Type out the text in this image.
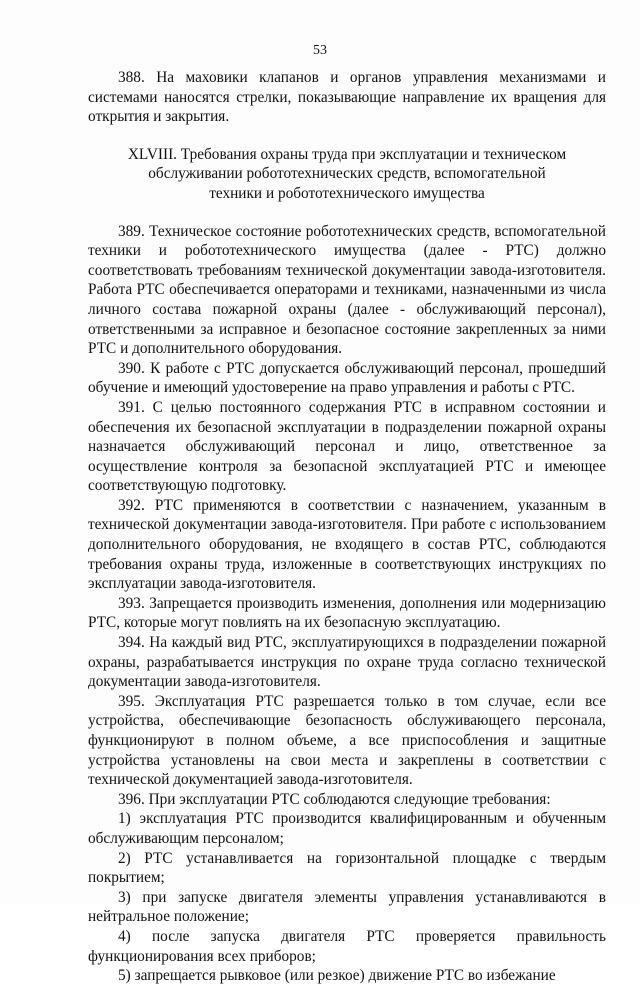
53

388. На маховики клапанов и органов управления механизмами и системами наносятся стрелки, показывающие направление их вращения для открытия и закрытия.

XLVIII. Требования охраны труда при эксплуатации и техническом
обслуживании робототехнических средств, вспомогательной
техники и робототехнического имущества

389. Техническое состояние робототехнических средств, вспомогательной техники и робототехнического имущества (далее - РТС) должно соответствовать требованиям технической документации завода-изготовителя. Работа РТС обеспечивается операторами и техниками, назначенными из числа личного состава пожарной охраны (далее - обслуживающий персонал), ответственными за исправное и безопасное состояние закрепленных за ними РТС и дополнительного оборудования.

390. К работе с РТС допускается обслуживающий персонал, прошедший обучение и имеющий удостоверение на право управления и работы с РТС.

391. С целью постоянного содержания РТС в исправном состоянии и обеспечения их безопасной эксплуатации в подразделении пожарной охраны назначается обслуживающий персонал и лицо, ответственное за осуществление контроля за безопасной эксплуатацией РТС и имеющее соответствующую подготовку.

392. РТС применяются в соответствии с назначением, указанным в технической документации завода-изготовителя. При работе с использованием дополнительного оборудования, не входящего в состав РТС, соблюдаются требования охраны труда, изложенные в соответствующих инструкциях по эксплуатации завода-изготовителя.

393. Запрещается производить изменения, дополнения или модернизацию РТС, которые могут повлиять на их безопасную эксплуатацию.

394. На каждый вид РТС, эксплуатирующихся в подразделении пожарной охраны, разрабатывается инструкция по охране труда согласно технической документации завода-изготовителя.

395. Эксплуатация РТС разрешается только в том случае, если все устройства, обеспечивающие безопасность обслуживающего персонала, функционируют в полном объеме, а все приспособления и защитные устройства установлены на свои места и закреплены в соответствии с технической документацией завода-изготовителя.

396. При эксплуатации РТС соблюдаются следующие требования:

1) эксплуатация РТС производится квалифицированным и обученным обслуживающим персоналом;

2) РТС устанавливается на горизонтальной площадке с твердым покрытием;

3) при запуске двигателя элементы управления устанавливаются в нейтральное положение;

4) после запуска двигателя РТС проверяется правильность функционирования всех приборов;

5) запрещается рывковое (или резкое) движение РТС во избежание
